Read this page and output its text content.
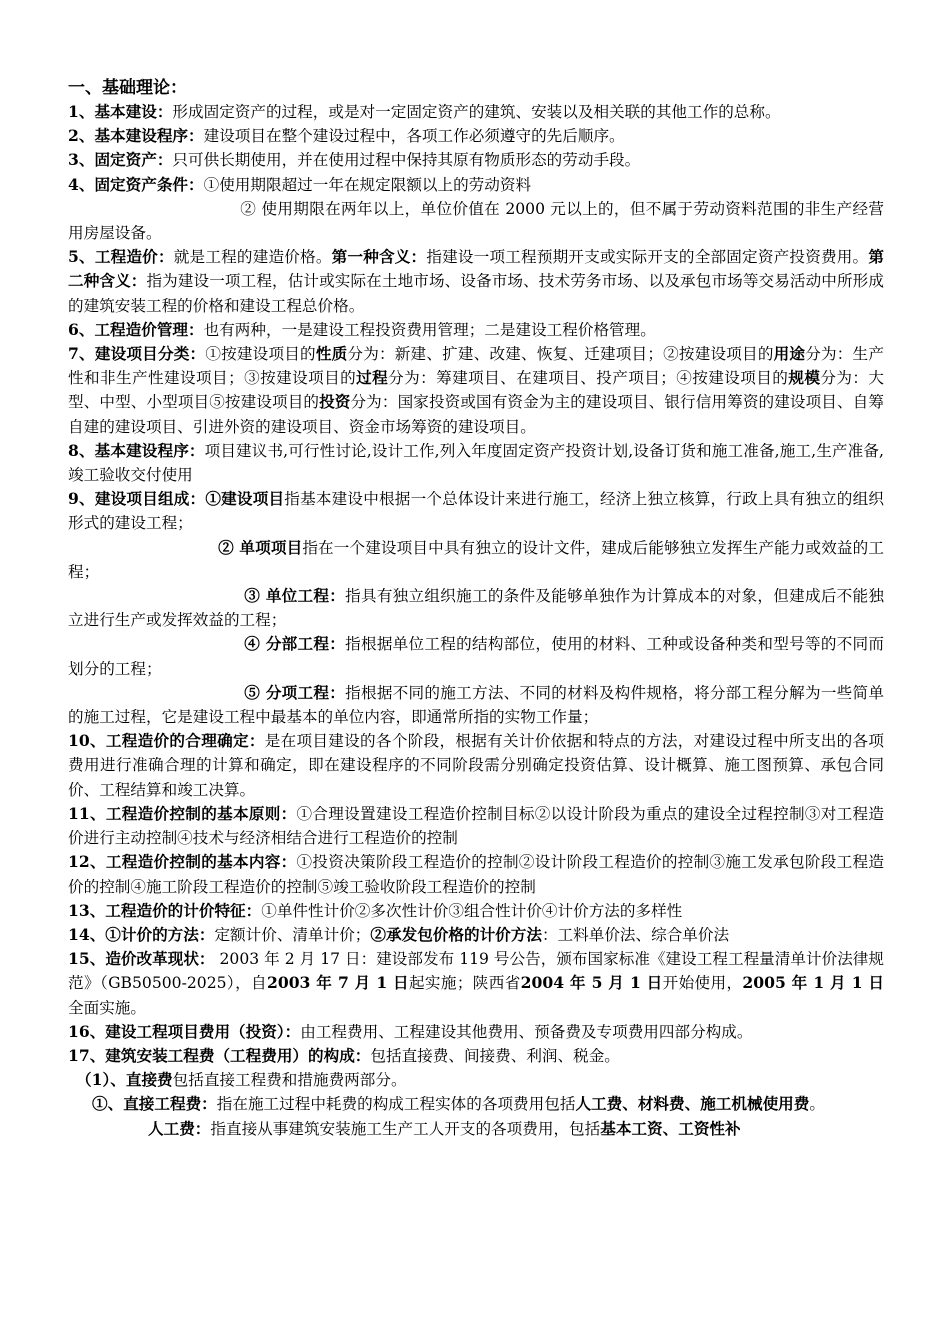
一、基础理论：

1、基本建设：形成固定资产的过程，或是对一定固定资产的建筑、安装以及相关联的其他工作的总称。

2、基本建设程序：建设项目在整个建设过程中，各项工作必须遵守的先后顺序。

3、固定资产：只可供长期使用，并在使用过程中保持其原有物质形态的劳动手段。

4、固定资产条件：①使用期限超过一年在规定限额以上的劳动资料

② 使用期限在两年以上，单位价值在 2000 元以上的，但不属于劳动资料范围的非生产经营用房屋设备。

5、工程造价：就是工程的建造价格。第一种含义：指建设一项工程预期开支或实际开支的全部固定资产投资费用。第二种含义：指为建设一项工程，估计或实际在土地市场、设备市场、技术劳务市场、以及承包市场等交易活动中所形成的建筑安装工程的价格和建设工程总价格。

6、工程造价管理：也有两种，一是建设工程投资费用管理；二是建设工程价格管理。

7、建设项目分类：①按建设项目的性质分为：新建、扩建、改建、恢复、迁建项目；②按建设项目的用途分为：生产性和非生产性建设项目；③按建设项目的过程分为：筹建项目、在建项目、投产项目；④按建设项目的规模分为：大型、中型、小型项目⑤按建设项目的投资分为：国家投资或国有资金为主的建设项目、银行信用筹资的建设项目、自筹自建的建设项目、引进外资的建设项目、资金市场筹资的建设项目。

8、基本建设程序：项目建议书,可行性讨论,设计工作,列入年度固定资产投资计划,设备订货和施工准备,施工,生产准备,竣工验收交付使用

9、建设项目组成：①建设项目指基本建设中根据一个总体设计来进行施工，经济上独立核算，行政上具有独立的组织形式的建设工程；

② 单项项目指在一个建设项目中具有独立的设计文件，建成后能够独立发挥生产能力或效益的工程；

③ 单位工程：指具有独立组织施工的条件及能够单独作为计算成本的对象，但建成后不能独立进行生产或发挥效益的工程；

④ 分部工程：指根据单位工程的结构部位，使用的材料、工种或设备种类和型号等的不同而划分的工程；

⑤ 分项工程：指根据不同的施工方法、不同的材料及构件规格，将分部工程分解为一些简单的施工过程，它是建设工程中最基本的单位内容，即通常所指的实物工作量；

10、工程造价的合理确定：是在项目建设的各个阶段，根据有关计价依据和特点的方法，对建设过程中所支出的各项费用进行准确合理的计算和确定，即在建设程序的不同阶段需分别确定投资估算、设计概算、施工图预算、承包合同价、工程结算和竣工决算。

11、工程造价控制的基本原则：①合理设置建设工程造价控制目标②以设计阶段为重点的建设全过程控制③对工程造价进行主动控制④技术与经济相结合进行工程造价的控制

12、工程造价控制的基本内容：①投资决策阶段工程造价的控制②设计阶段工程造价的控制③施工发承包阶段工程造价的控制④施工阶段工程造价的控制⑤竣工验收阶段工程造价的控制

13、工程造价的计价特征：①单件性计价②多次性计价③组合性计价④计价方法的多样性

14、①计价的方法：定额计价、清单计价；②承发包价格的计价方法：工料单价法、综合单价法

15、造价改革现状： 2003 年 2 月 17 日：建设部发布 119 号公告，颁布国家标准《建设工程工程量清单计价法律规范》（GB50500-2025），自2003 年 7 月 1 日起实施；陕西省2004 年 5 月 1 日开始使用，2005 年 1 月 1 日全面实施。

16、建设工程项目费用（投资）：由工程费用、工程建设其他费用、预备费及专项费用四部分构成。

17、建筑安装工程费（工程费用）的构成：包括直接费、间接费、利润、税金。

（1）、直接费包括直接工程费和措施费两部分。

①、直接工程费：指在施工过程中耗费的构成工程实体的各项费用包括人工费、材料费、施工机械使用费。

人工费：指直接从事建筑安装施工生产工人开支的各项费用，包括基本工资、工资性补
